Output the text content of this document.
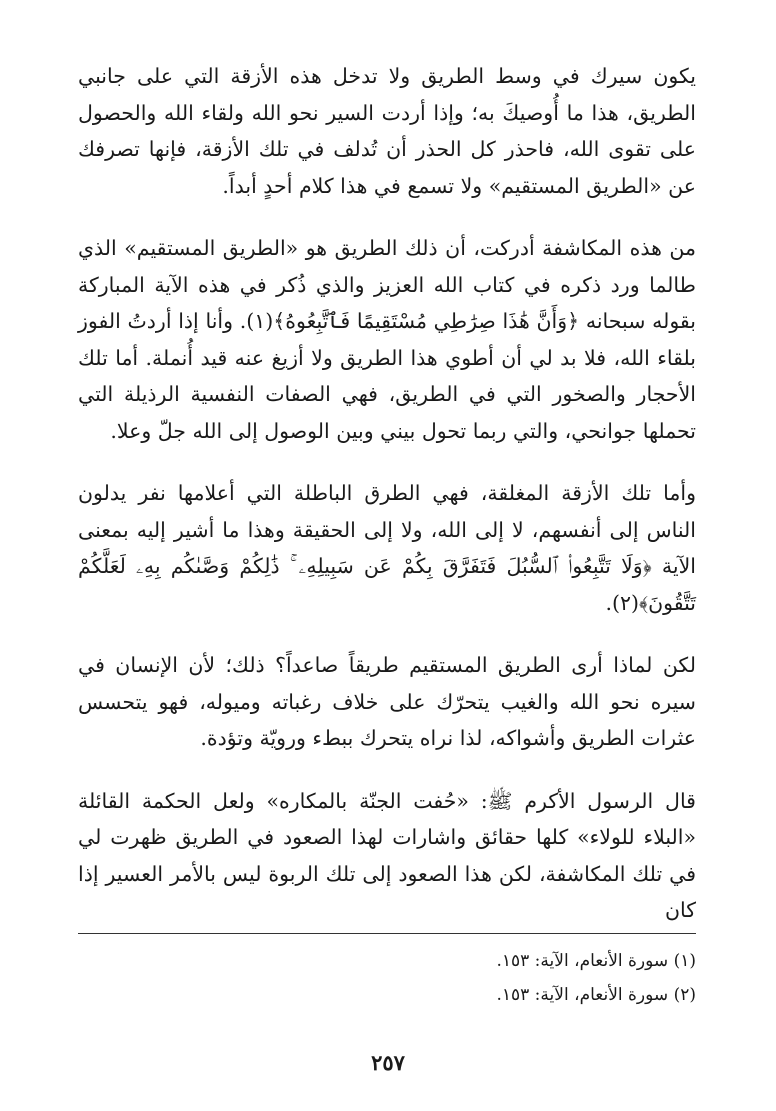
يكون سيرك في وسط الطريق ولا تدخل هذه الأزقة التي على جانبي الطريق، هذا ما أُوصيكَ به؛ وإذا أردت السير نحو الله ولقاء الله والحصول على تقوى الله، فاحذر كل الحذر أن تُدلف في تلك الأزقة، فإنها تصرفك عن «الطريق المستقيم» ولا تسمع في هذا كلام أحدٍ أبداً.

من هذه المكاشفة أدركت، أن ذلك الطريق هو «الطريق المستقيم» الذي طالما ورد ذكره في كتاب الله العزيز والذي ذُكر في هذه الآية المباركة بقوله سبحانه ﴿وَأَنَّ هَٰذَا صِرَٰطِي مُسْتَقِيمًا فَٱتَّبِعُوهُ﴾(١). وأنا إذا أردتُ الفوز بلقاء الله، فلا بد لي أن أطوي هذا الطريق ولا أزيغ عنه قيد أُنملة. أما تلك الأحجار والصخور التي في الطريق، فهي الصفات النفسية الرذيلة التي تحملها جوانحي، والتي ربما تحول بيني وبين الوصول إلى الله جلّ وعلا.

وأما تلك الأزقة المغلقة، فهي الطرق الباطلة التي أعلامها نفر يدلون الناس إلى أنفسهم، لا إلى الله، ولا إلى الحقيقة وهذا ما أشير إليه بمعنى الآية ﴿وَلَا تَتَّبِعُوا۟ ٱلسُّبُلَ فَتَفَرَّقَ بِكُمْ عَن سَبِيلِهِۦ ۚ ذَٰلِكُمْ وَصَّىٰكُم بِهِۦ لَعَلَّكُمْ تَتَّقُونَ﴾(٢).

لكن لماذا أرى الطريق المستقيم طريقاً صاعداً؟ ذلك؛ لأن الإنسان في سيره نحو الله والغيب يتحرّك على خلاف رغباته وميوله، فهو يتحسس عثرات الطريق وأشواكه، لذا نراه يتحرك ببطء ورويّة وتؤدة.

قال الرسول الأكرم ﷺ: «حُفت الجنّة بالمكاره» ولعل الحكمة القائلة «البلاء للولاء» كلها حقائق واشارات لهذا الصعود في الطريق ظهرت لي في تلك المكاشفة، لكن هذا الصعود إلى تلك الربوة ليس بالأمر العسير إذا كان

(١) سورة الأنعام، الآية: ١٥٣.

(٢) سورة الأنعام، الآية: ١٥٣.

٢٥٧
